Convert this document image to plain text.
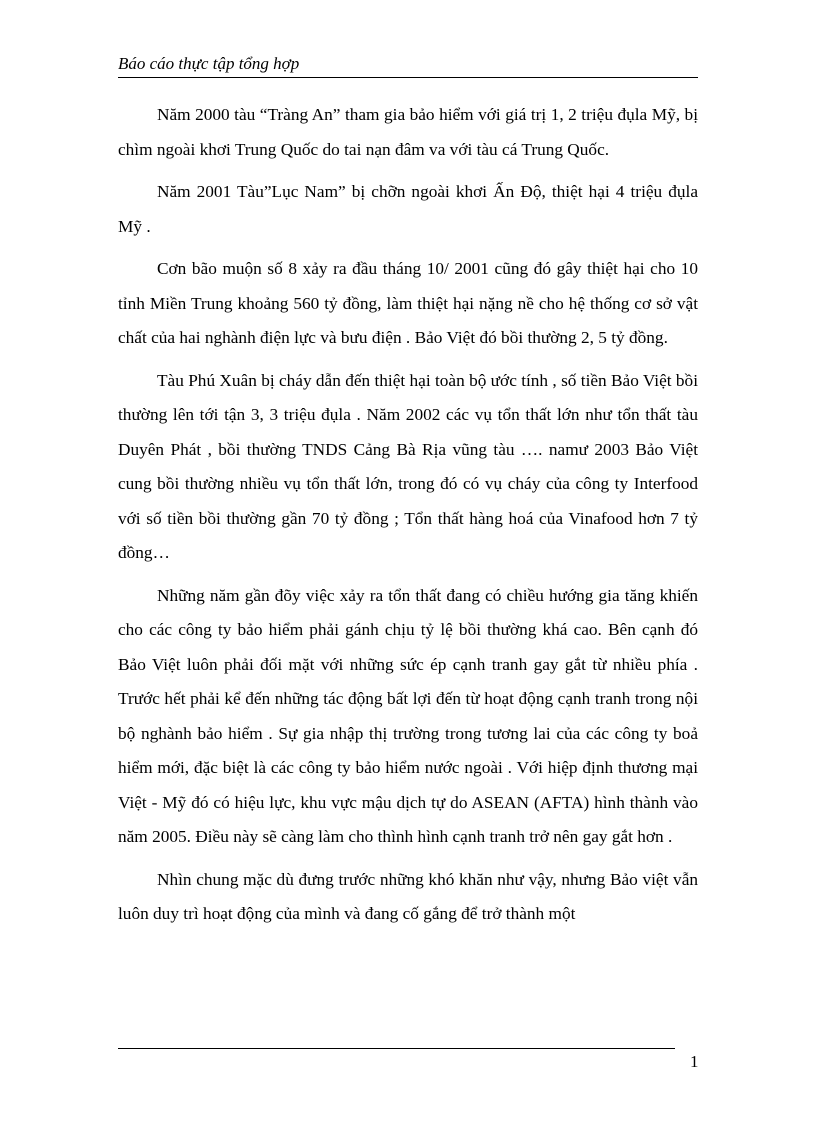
Báo cáo thực tập tổng hợp

Năm 2000 tàu “Tràng An” tham gia bảo hiểm với giá trị 1, 2 triệu đụla Mỹ, bị chìm ngoài khơi Trung Quốc do tai nạn đâm va với tàu cá Trung Quốc.

Năm 2001 Tàu”Lục Nam” bị chỡn ngoài khơi Ấn Độ, thiệt hại 4 triệu đụla Mỹ .

Cơn bão muộn số 8 xảy ra đầu tháng 10/ 2001 cũng đó gây thiệt hại cho 10 tỉnh Miền Trung khoảng 560 tỷ đồng, làm thiệt hại nặng nề cho hệ thống cơ sở vật chất của hai nghành điện lực và bưu điện . Bảo Việt đó bồi thường 2, 5 tỷ đồng.

Tàu Phú Xuân bị cháy dẫn đến thiệt hại toàn bộ ước tính , số tiền Bảo Việt bồi thường lên tới tận 3, 3 triệu đụla . Năm 2002 các vụ tổn thất lớn như tổn thất tàu Duyên Phát , bồi thường TNDS Cảng Bà Rịa vũng tàu …. namư 2003 Bảo Việt cung bồi thường nhiều vụ tổn thất lớn, trong đó có vụ cháy của công ty Interfood với số tiền bồi thường gần 70 tỷ đồng ; Tổn thất hàng hoá của Vinafood hơn 7 tỷ đồng…

Những năm gần đõy việc xảy ra tổn thất đang có chiều hướng gia tăng khiến cho các công ty bảo hiểm phải gánh chịu tỷ lệ bồi thường khá cao. Bên cạnh đó Bảo Việt luôn phải đối mặt với những sức ép cạnh tranh gay gắt từ nhiều phía . Trước hết phải kể đến những tác động bất lợi đến từ hoạt động cạnh tranh trong nội bộ nghành bảo hiểm . Sự gia nhập thị trường trong tương lai của các công ty boả hiểm mới, đặc biệt là các công ty bảo hiểm nước ngoài . Với hiệp định thương mại Việt - Mỹ đó có hiệu lực, khu vực mậu dịch tự do ASEAN (AFTA) hình thành vào năm 2005. Điều này sẽ càng làm cho thình hình cạnh tranh trở nên gay gắt hơn .

Nhìn chung mặc dù đưng trước những khó khăn như vậy, nhưng Bảo việt vẫn luôn duy trì hoạt động của mình và đang cố gắng để trở thành một

1
